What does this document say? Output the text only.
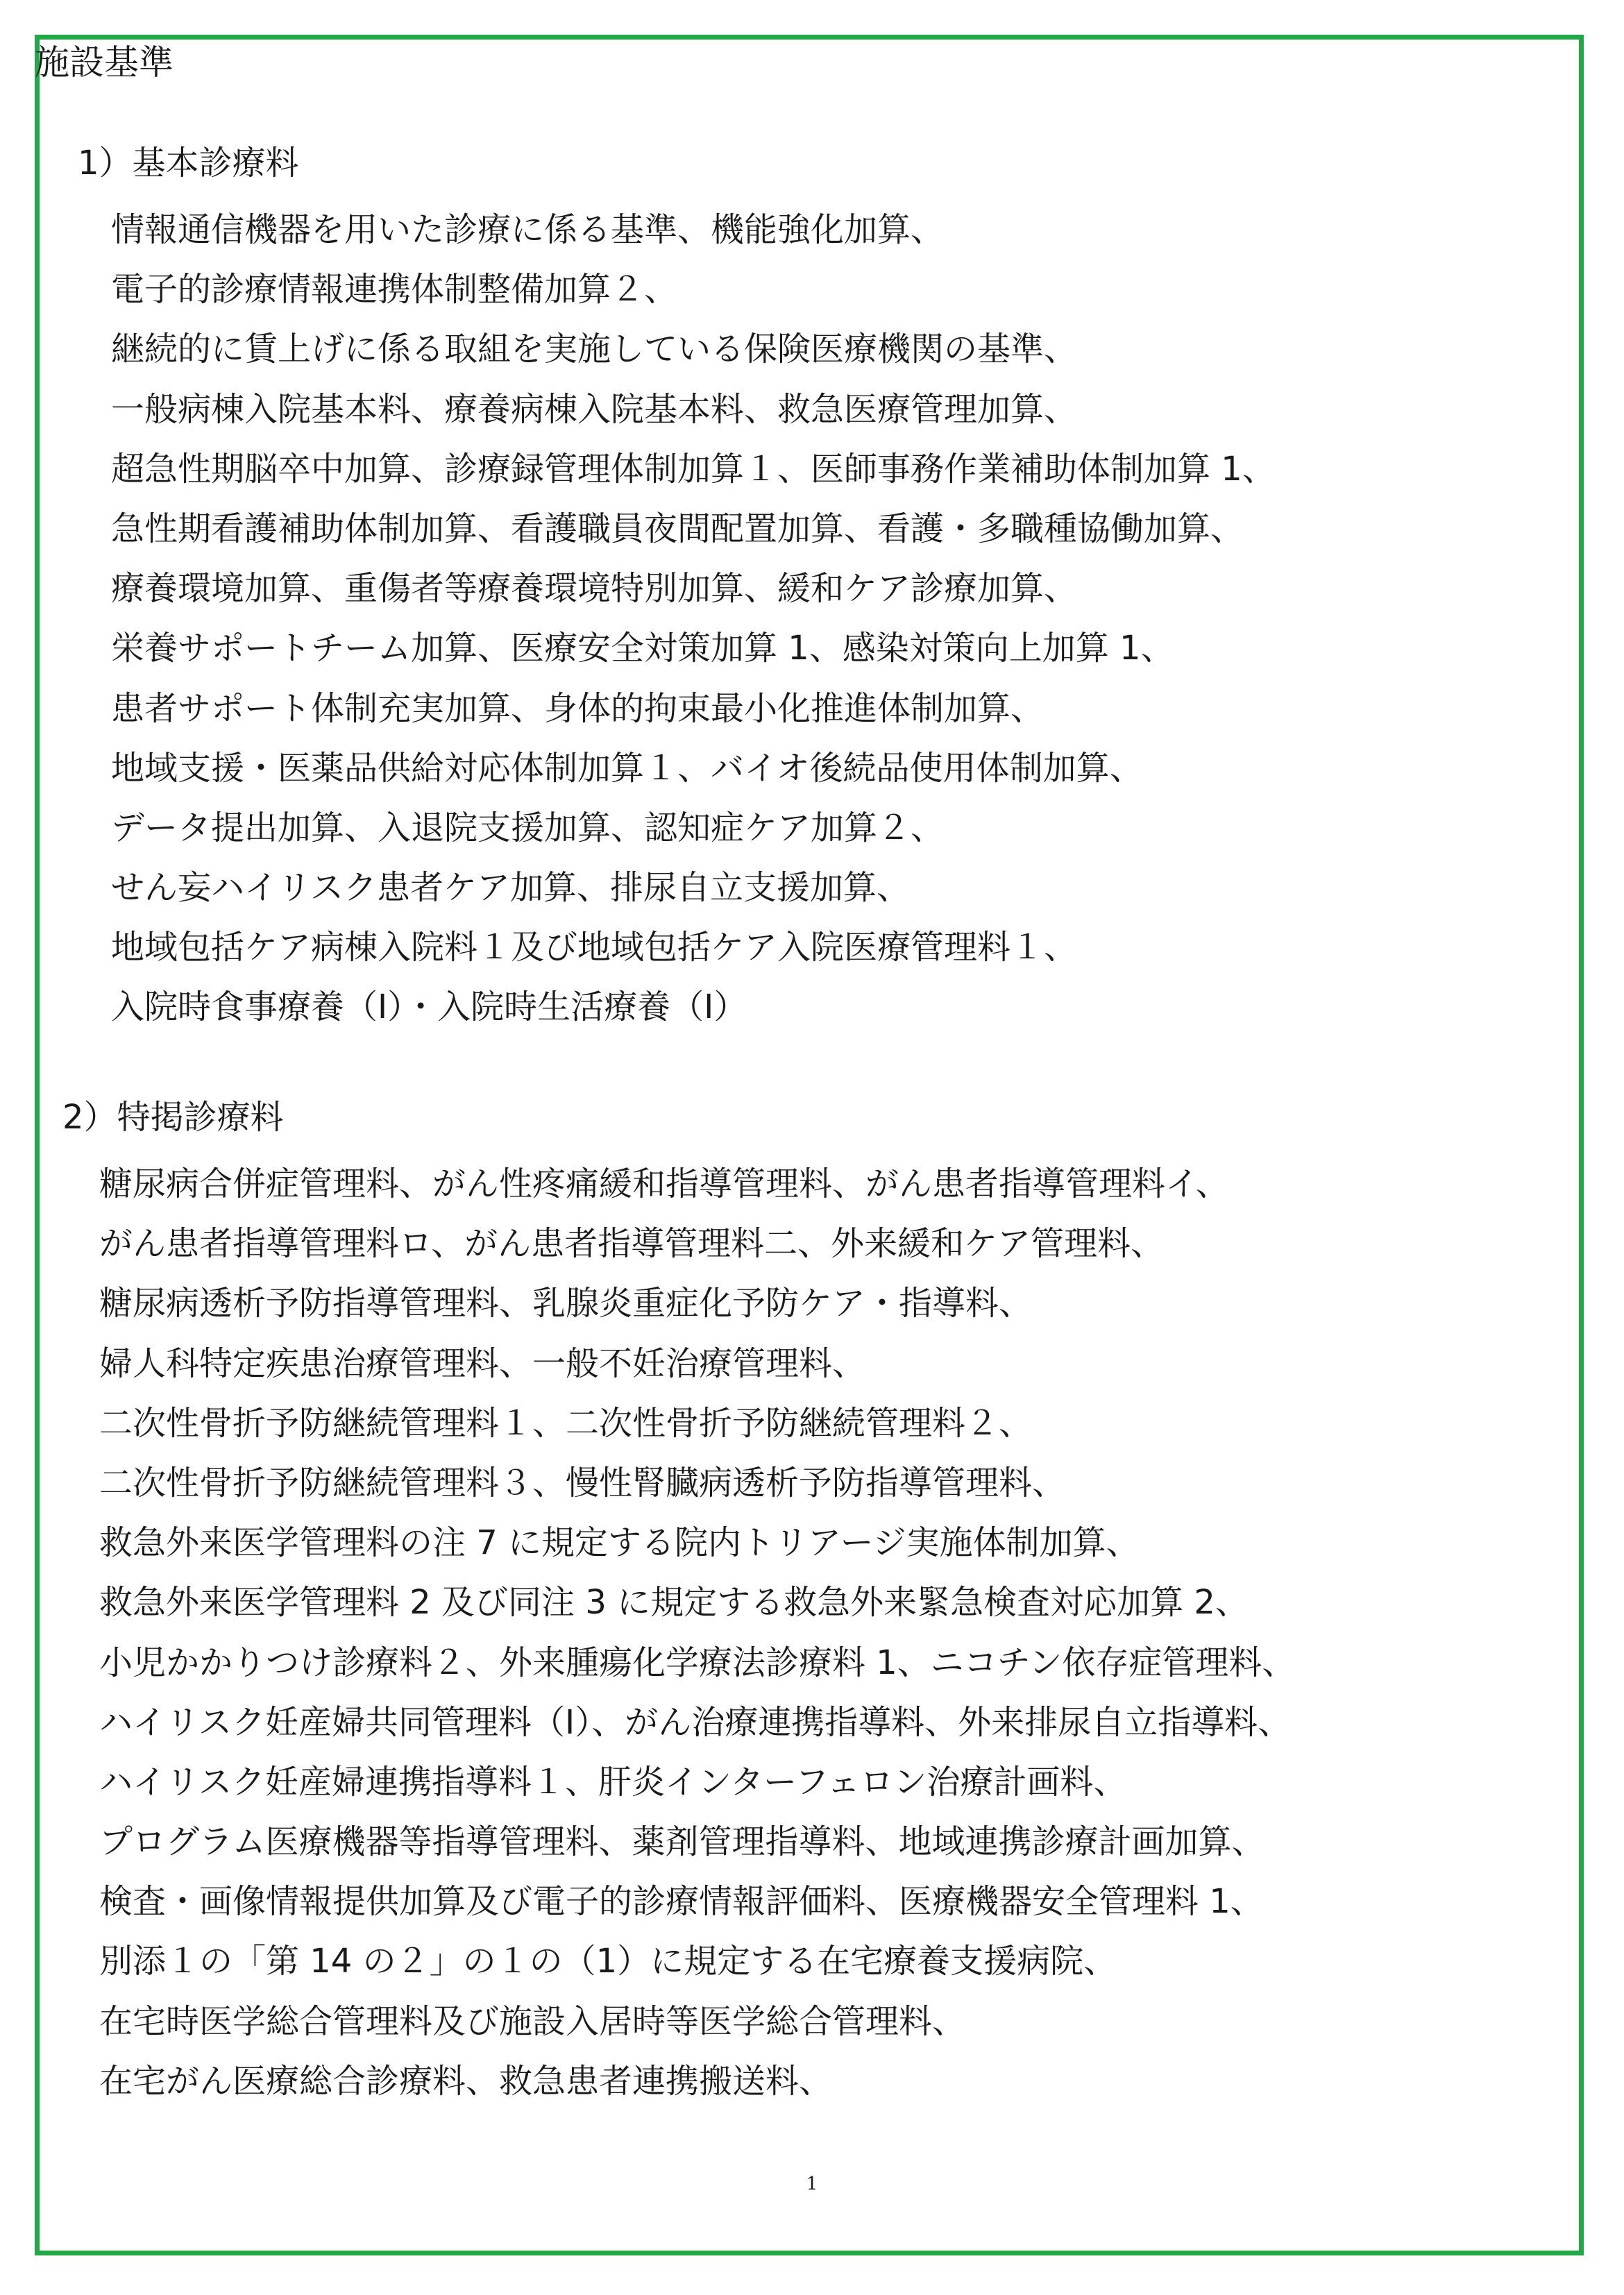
施設基準
1）基本診療料
情報通信機器を用いた診療に係る基準、機能強化加算、
電子的診療情報連携体制整備加算２、
継続的に賃上げに係る取組を実施している保険医療機関の基準、
一般病棟入院基本料、療養病棟入院基本料、救急医療管理加算、
超急性期脳卒中加算、診療録管理体制加算１、医師事務作業補助体制加算 1、
急性期看護補助体制加算、看護職員夜間配置加算、看護・多職種協働加算、
療養環境加算、重傷者等療養環境特別加算、緩和ケア診療加算、
栄養サポートチーム加算、医療安全対策加算 1、感染対策向上加算 1、
患者サポート体制充実加算、身体的拘束最小化推進体制加算、
地域支援・医薬品供給対応体制加算１、バイオ後続品使用体制加算、
データ提出加算、入退院支援加算、認知症ケア加算２、
せん妄ハイリスク患者ケア加算、排尿自立支援加算、
地域包括ケア病棟入院料１及び地域包括ケア入院医療管理料１、
入院時食事療養（Ⅰ）・入院時生活療養（Ⅰ）
2）特掲診療料
糖尿病合併症管理料、がん性疼痛緩和指導管理料、がん患者指導管理料イ、
がん患者指導管理料ロ、がん患者指導管理料二、外来緩和ケア管理料、
糖尿病透析予防指導管理料、乳腺炎重症化予防ケア・指導料、
婦人科特定疾患治療管理料、一般不妊治療管理料、
二次性骨折予防継続管理料１、二次性骨折予防継続管理料２、
二次性骨折予防継続管理料３、慢性腎臓病透析予防指導管理料、
救急外来医学管理料の注 7 に規定する院内トリアージ実施体制加算、
救急外来医学管理料 2 及び同注 3 に規定する救急外来緊急検査対応加算 2、
小児かかりつけ診療料２、外来腫瘍化学療法診療料 1、ニコチン依存症管理料、
ハイリスク妊産婦共同管理料（Ⅰ）、がん治療連携指導料、外来排尿自立指導料、
ハイリスク妊産婦連携指導料１、肝炎インターフェロン治療計画料、
プログラム医療機器等指導管理料、薬剤管理指導料、地域連携診療計画加算、
検査・画像情報提供加算及び電子的診療情報評価料、医療機器安全管理料 1、
別添１の「第 14 の２」の１の（1）に規定する在宅療養支援病院、
在宅時医学総合管理料及び施設入居時等医学総合管理料、
在宅がん医療総合診療料、救急患者連携搬送料、
1
